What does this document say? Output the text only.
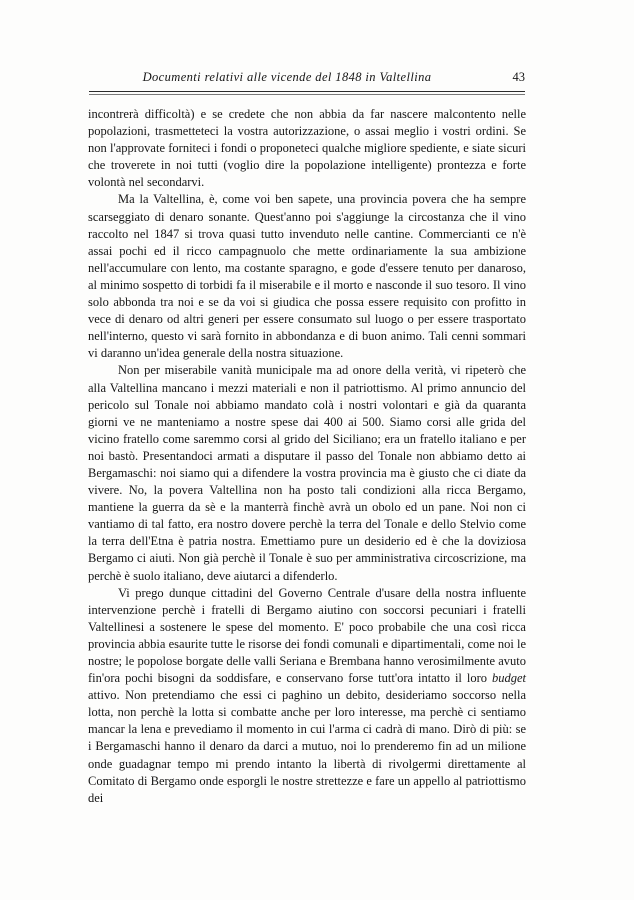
Documenti relativi alle vicende del 1848 in Valtellina	43

incontrerà difficoltà) e se credete che non abbia da far nascere malcontento nelle popolazioni, trasmetteteci la vostra autorizzazione, o assai meglio i vostri ordini. Se non l'approvate forniteci i fondi o proponeteci qualche migliore spediente, e siate sicuri che troverete in noi tutti (voglio dire la popolazione intelligente) prontezza e forte volontà nel secondarvi.

Ma la Valtellina, è, come voi ben sapete, una provincia povera che ha sempre scarseggiato di denaro sonante. Quest'anno poi s'aggiunge la circostanza che il vino raccolto nel 1847 si trova quasi tutto invenduto nelle cantine. Commercianti ce n'è assai pochi ed il ricco campagnuolo che mette ordinariamente la sua ambizione nell'accumulare con lento, ma costante sparagno, e gode d'essere tenuto per danaroso, al minimo sospetto di torbidi fa il miserabile e il morto e nasconde il suo tesoro. Il vino solo abbonda tra noi e se da voi si giudica che possa essere requisito con profitto in vece di denaro od altri generi per essere consumato sul luogo o per essere trasportato nell'interno, questo vi sarà fornito in abbondanza e di buon animo. Tali cenni sommari vi daranno un'idea generale della nostra situazione.

Non per miserabile vanità municipale ma ad onore della verità, vi ripeterò che alla Valtellina mancano i mezzi materiali e non il patriottismo. Al primo annuncio del pericolo sul Tonale noi abbiamo mandato colà i nostri volontari e già da quaranta giorni ve ne manteniamo a nostre spese dai 400 ai 500. Siamo corsi alle grida del vicino fratello come saremmo corsi al grido del Siciliano; era un fratello italiano e per noi bastò. Presentandoci armati a disputare il passo del Tonale non abbiamo detto ai Bergamaschi: noi siamo qui a difendere la vostra provincia ma è giusto che ci diate da vivere. No, la povera Valtellina non ha posto tali condizioni alla ricca Bergamo, mantiene la guerra da sè e la manterrà finchè avrà un obolo ed un pane. Noi non ci vantiamo di tal fatto, era nostro dovere perchè la terra del Tonale e dello Stelvio come la terra dell'Etna è patria nostra. Emettiamo pure un desiderio ed è che la doviziosa Bergamo ci aiuti. Non già perchè il Tonale è suo per amministrativa circoscrizione, ma perchè è suolo italiano, deve aiutarci a difenderlo.

Vi prego dunque cittadini del Governo Centrale d'usare della nostra influente intervenzione perchè i fratelli di Bergamo aiutino con soccorsi pecuniari i fratelli Valtellinesi a sostenere le spese del momento. E' poco probabile che una così ricca provincia abbia esaurite tutte le risorse dei fondi comunali e dipartimentali, come noi le nostre; le popolose borgate delle valli Seriana e Brembana hanno verosimilmente avuto fin'ora pochi bisogni da soddisfare, e conservano forse tutt'ora intatto il loro budget attivo. Non pretendiamo che essi ci paghino un debito, desideriamo soccorso nella lotta, non perchè la lotta si combatte anche per loro interesse, ma perchè ci sentiamo mancar la lena e prevediamo il momento in cui l'arma ci cadrà di mano. Dirò di più: se i Bergamaschi hanno il denaro da darci a mutuo, noi lo prenderemo fin ad un milione onde guadagnar tempo mi prendo intanto la libertà di rivolgermi direttamente al Comitato di Bergamo onde esporgli le nostre strettezze e fare un appello al patriottismo dei
